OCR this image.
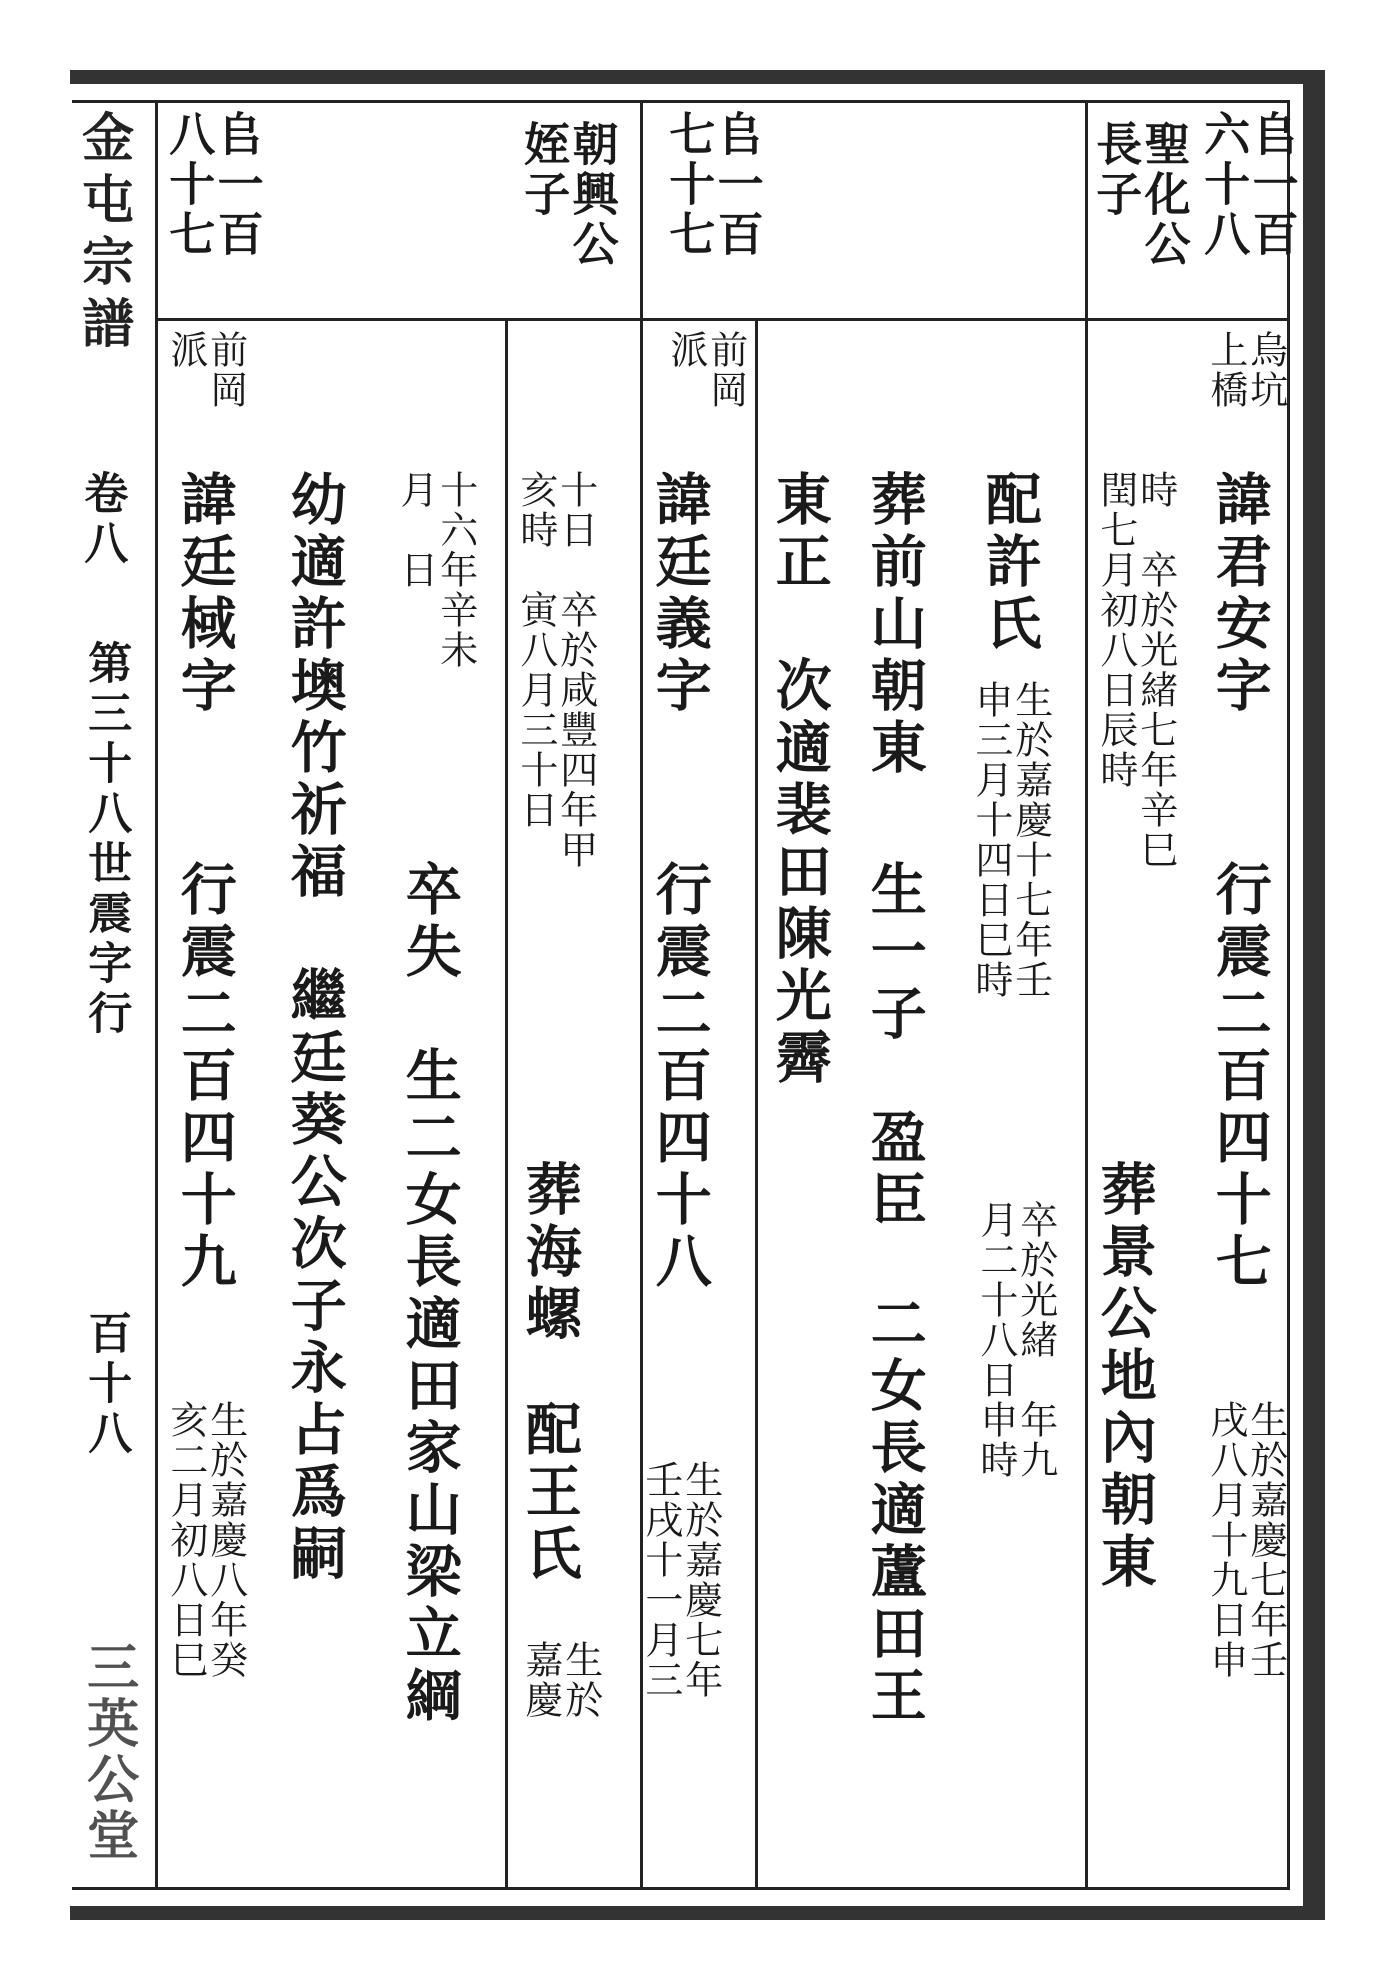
金屯宗譜
卷八
第三十八世震字行
百十八
三英公堂
𠂤一百
六十八
聖化公
長子
烏坑
上橋
諱君安字
行震二百四十七
生於嘉慶七年壬
戌八月十九日申
時　卒於光緒七年辛巳
閏七月初八日辰時
葬景公地內朝東
配許氏
生於嘉慶十七年壬
申三月十四日巳時
卒於光緒　年九
月二十八日申時
葬前山朝東
生一子　盈臣　二女長適蘆田王
東正　次適裴田陳光霽
𠂤一百
七十七
朝興公
姪子
前岡
派
諱廷義字
行震二百四十八
生於嘉慶七年
壬戌十一月三
十日　卒於咸豐四年甲
亥時　寅八月三十日
葬海螺
配王氏
生於
嘉慶
十六年辛未
月　日
卒失　生二女長適田家山梁立綱
幼適許墺竹祈福　繼廷葵公次子永占爲嗣
𠂤一百
八十七
前岡
派
諱廷棫字
行震二百四十九
生於嘉慶八年癸
亥二月初八日巳
